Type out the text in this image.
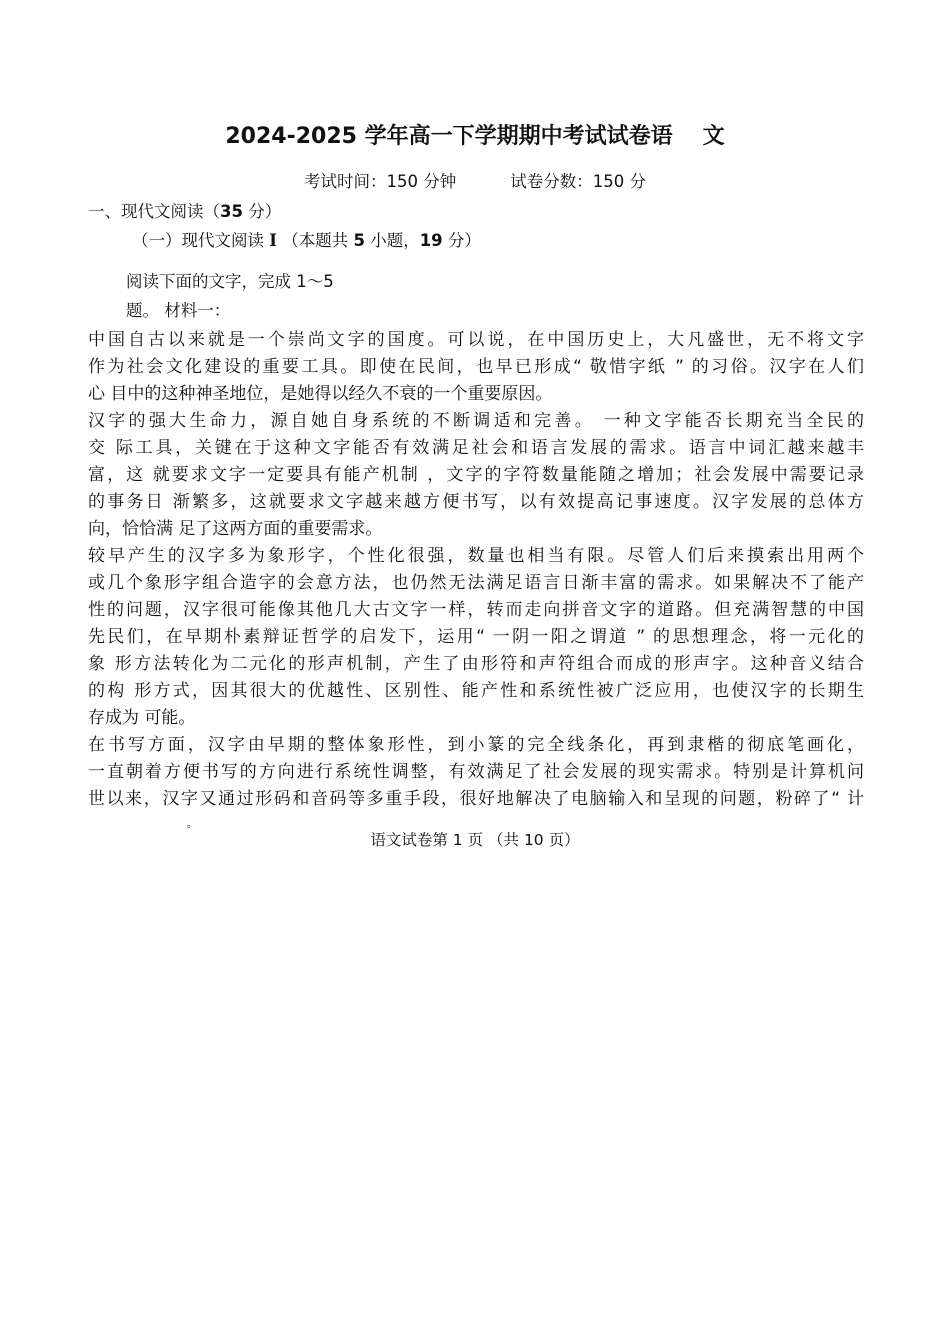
2024-2025 学年高一下学期期中考试试卷语 文
考试时间：150 分钟	试卷分数：150 分
一、现代文阅读（35 分）
（一）现代文阅读 I （本题共 5 小题，19 分）
阅读下面的文字，完成 1～5
题。 材料一：
中国自古以来就是一个崇尚文字的国度。可以说，在中国历史上，大凡盛世，无不将文字
作为社会文化建设的重要工具。即使在民间，也早已形成“ 敬惜字纸 ” 的习俗。汉字在人们
心 目中的这种神圣地位，是她得以经久不衰的一个重要原因。
汉字的强大生命力，源自她自身系统的不断调适和完善。 一种文字能否长期充当全民的
交 际工具，关键在于这种文字能否有效满足社会和语言发展的需求。语言中词汇越来越丰
富，这 就要求文字一定要具有能产机制 ，文字的字符数量能随之增加；社会发展中需要记录
的事务日 渐繁多，这就要求文字越来越方便书写，以有效提高记事速度。汉字发展的总体方
向，恰恰满 足了这两方面的重要需求。
较早产生的汉字多为象形字，个性化很强，数量也相当有限。尽管人们后来摸索出用两个
或几个象形字组合造字的会意方法，也仍然无法满足语言日渐丰富的需求。如果解决不了能产
性的问题，汉字很可能像其他几大古文字一样，转而走向拼音文字的道路。但充满智慧的中国
先民们，在早期朴素辩证哲学的启发下，运用“ 一阴一阳之谓道 ” 的思想理念，将一元化的
象 形方法转化为二元化的形声机制，产生了由形符和声符组合而成的形声字。这种音义结合
的构 形方式，因其很大的优越性、区别性、能产性和系统性被广泛应用，也使汉字的长期生
存成为 可能。
在书写方面，汉字由早期的整体象形性，到小篆的完全线条化，再到隶楷的彻底笔画化，
一直朝着方便书写的方向进行系统性调整，有效满足了社会发展的现实需求。特别是计算机问
世以来，汉字又通过形码和音码等多重手段，很好地解决了电脑输入和呈现的问题，粉碎了“ 计
。
语文试卷第 1 页 （共 10 页）
